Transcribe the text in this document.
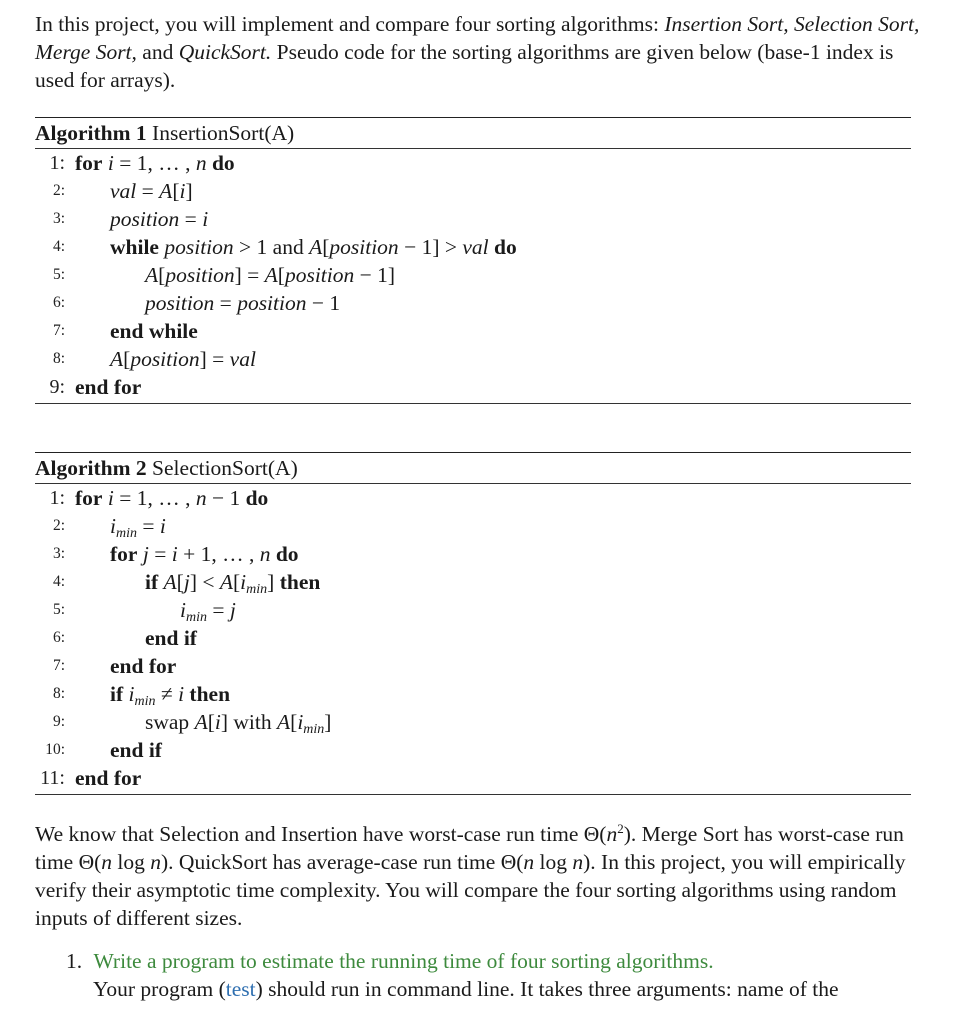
In this project, you will implement and compare four sorting algorithms: Insertion Sort, Selection Sort, Merge Sort, and QuickSort. Pseudo code for the sorting algorithms are given below (base-1 index is used for arrays).

Algorithm 1 InsertionSort(A)
1: for i = 1, … , n do
2: val = A[i]
3: position = i
4: while position > 1 and A[position − 1] > val do
5:	A[position] = A[position − 1]
6:	position = position − 1
7: end while
8: A[position] = val
9: end for
Algorithm 2 SelectionSort(A)
1: for i = 1, … , n − 1 do
2: $i_{min} = i$
3: for j = i + 1, … , n do
4:	if $A[j] < A[i_{min}]$ then
5:	$i_{min} = j$
6:	end if
7: end for
8: if $i_{min} \ne i$ then
9:	swap A[i] with $A[i_{min}]$
10: end if
11: end for

We know that Selection and Insertion have worst-case run time $\Theta(n^2)$. Merge Sort has worst-case run time Θ(n log n). QuickSort has average-case run time Θ(n log n). In this project, you will empirically verify their asymptotic time complexity. You will compare the four sorting algorithms using random inputs of different sizes.

1. Write a program to estimate the running time of four sorting algorithms.
Your program (test) should run in command line. It takes three arguments: name of the
